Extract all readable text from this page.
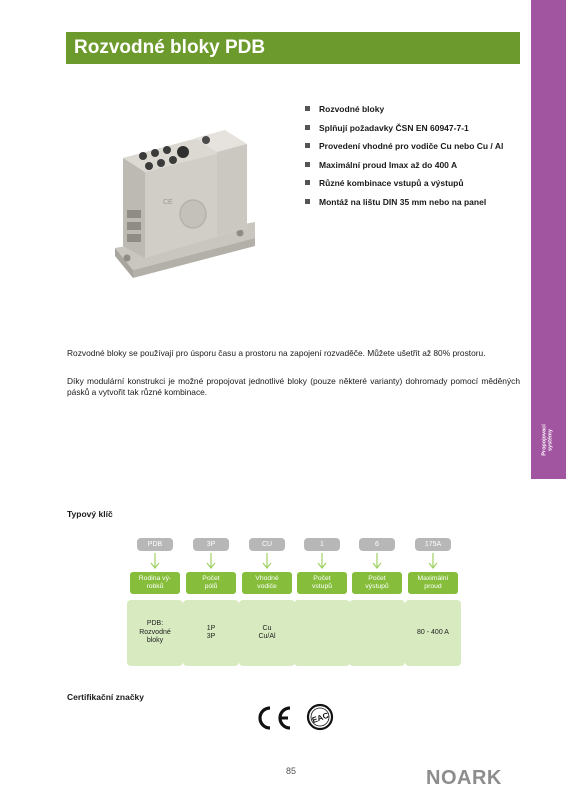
Propojovací systémy
Rozvodné bloky PDB
CE
Rozvodné bloky
Splňují požadavky ČSN EN 60947-7-1
Provedení vhodné pro vodiče Cu nebo Cu / Al
Maximální proud Imax až do 400 A
Různé kombinace vstupů a výstupů
Montáž na lištu DIN 35 mm nebo na panel

Rozvodné bloky se používají pro úsporu času a prostoru na zapojení rozvaděče. Můžete ušetřit až 80% prostoru.

Díky modulární konstrukci je možné propojovat jednotlivé bloky (pouze některé varianty) dohromady pomocí měděných pásků a vytvořit tak různé kombinace.

Typový klíč
PDB
Rodina vý-
robků
PDB:
Rozvodné
bloky
3P
Počet
pólů
1P
3P
CU
Vhodné
vodiče
Cu
Cu/Al
1
Počet
vstupů
6
Počet
výstupů
175A
Maximální
proud
80 - 400 A
Certifikační značky
EAC
85	NOARK
